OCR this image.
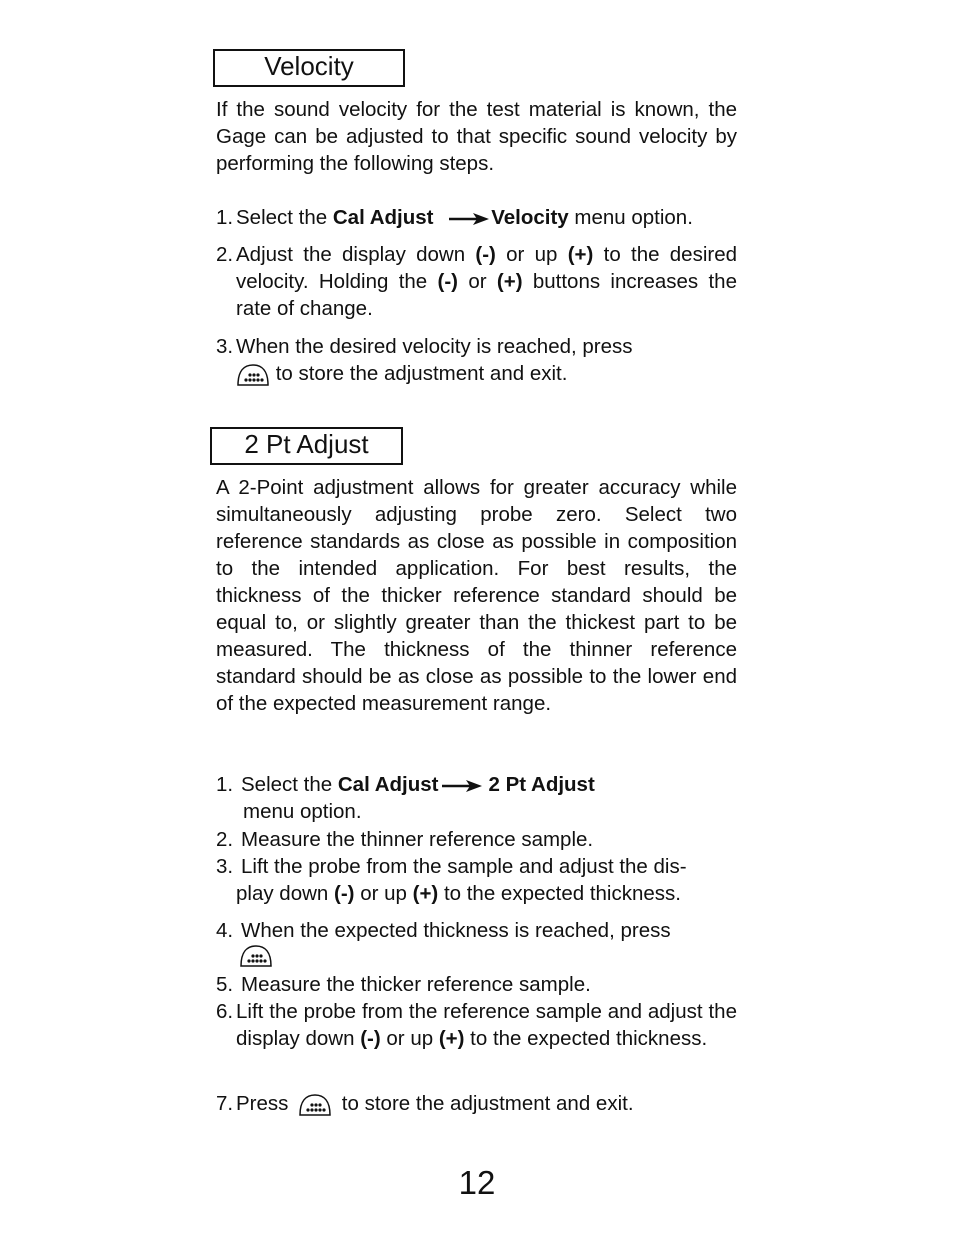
Velocity

If the sound velocity for the test material is known, the Gage can be adjusted to that specific sound velocity by performing the following steps.

1. Select the Cal Adjust	Velocity menu option.
2. Adjust the display down (-) or up (+) to the desired velocity. Holding the (-) or (+) buttons increases the rate of change.
3. When the desired velocity is reached, press
to store the adjustment and exit.
2 Pt Adjust

A 2-Point adjustment allows for greater accuracy while simultaneously adjusting probe zero. Select two reference standards as close as possible in composition to the intended application. For best results, the thickness of the thicker reference standard should be equal to, or slightly greater than the thickest part to be measured. The thickness of the thinner reference standard should be as close as possible to the lower end of the expected measurement range.

1. Select the Cal Adjust 2 Pt Adjust
menu option.
2. Measure the thinner reference sample.
3. Lift the probe from the sample and adjust the dis-
play down (-) or up (+) to the expected thickness.
4. When the expected thickness is reached, press
5. Measure the thicker reference sample.
6. Lift the probe from the reference sample and adjust the display down (-) or up (+) to the expected thickness.
7. Press  to store the adjustment and exit.
12
